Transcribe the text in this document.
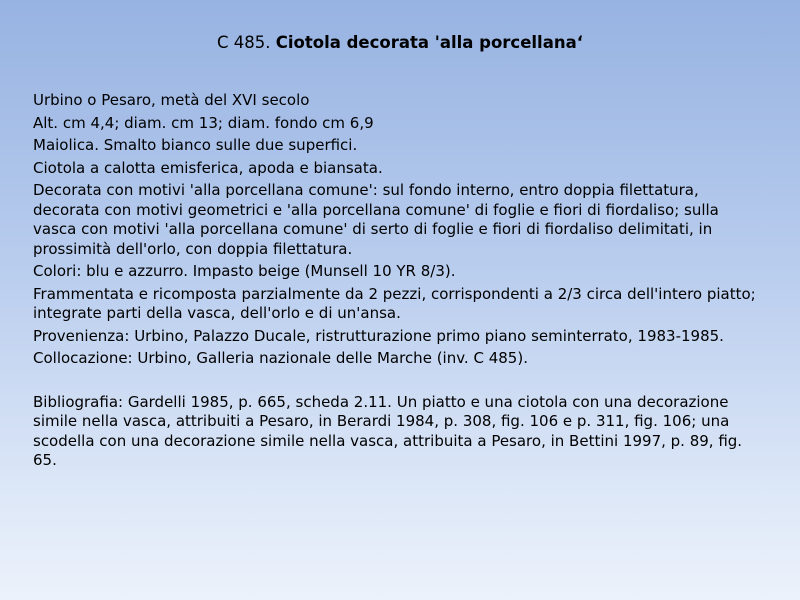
C 485. Ciotola decorata 'alla porcellana‘

Urbino o Pesaro, metà del XVI secolo

Alt. cm 4,4; diam. cm 13; diam. fondo cm 6,9

Maiolica. Smalto bianco sulle due superfici.

Ciotola a calotta emisferica, apoda e biansata.

Decorata con motivi 'alla porcellana comune': sul fondo interno, entro doppia filettatura, decorata con motivi geometrici e 'alla porcellana comune' di foglie e fiori di fiordaliso; sulla vasca con motivi 'alla porcellana comune' di serto di foglie e fiori di fiordaliso delimitati, in prossimità dell'orlo, con doppia filettatura.

Colori: blu e azzurro. Impasto beige (Munsell 10 YR 8/3).

Frammentata e ricomposta parzialmente da 2 pezzi, corrispondenti a 2/3 circa dell'intero piatto; integrate parti della vasca, dell'orlo e di un'ansa.

Provenienza: Urbino, Palazzo Ducale, ristrutturazione primo piano seminterrato, 1983-1985.

Collocazione: Urbino, Galleria nazionale delle Marche (inv. C 485).

Bibliografia: Gardelli 1985, p. 665, scheda 2.11. Un piatto e una ciotola con una decorazione simile nella vasca, attribuiti a Pesaro, in Berardi 1984, p. 308, fig. 106 e p. 311, fig. 106; una scodella con una decorazione simile nella vasca, attribuita a Pesaro, in Bettini 1997, p. 89, fig. 65.
